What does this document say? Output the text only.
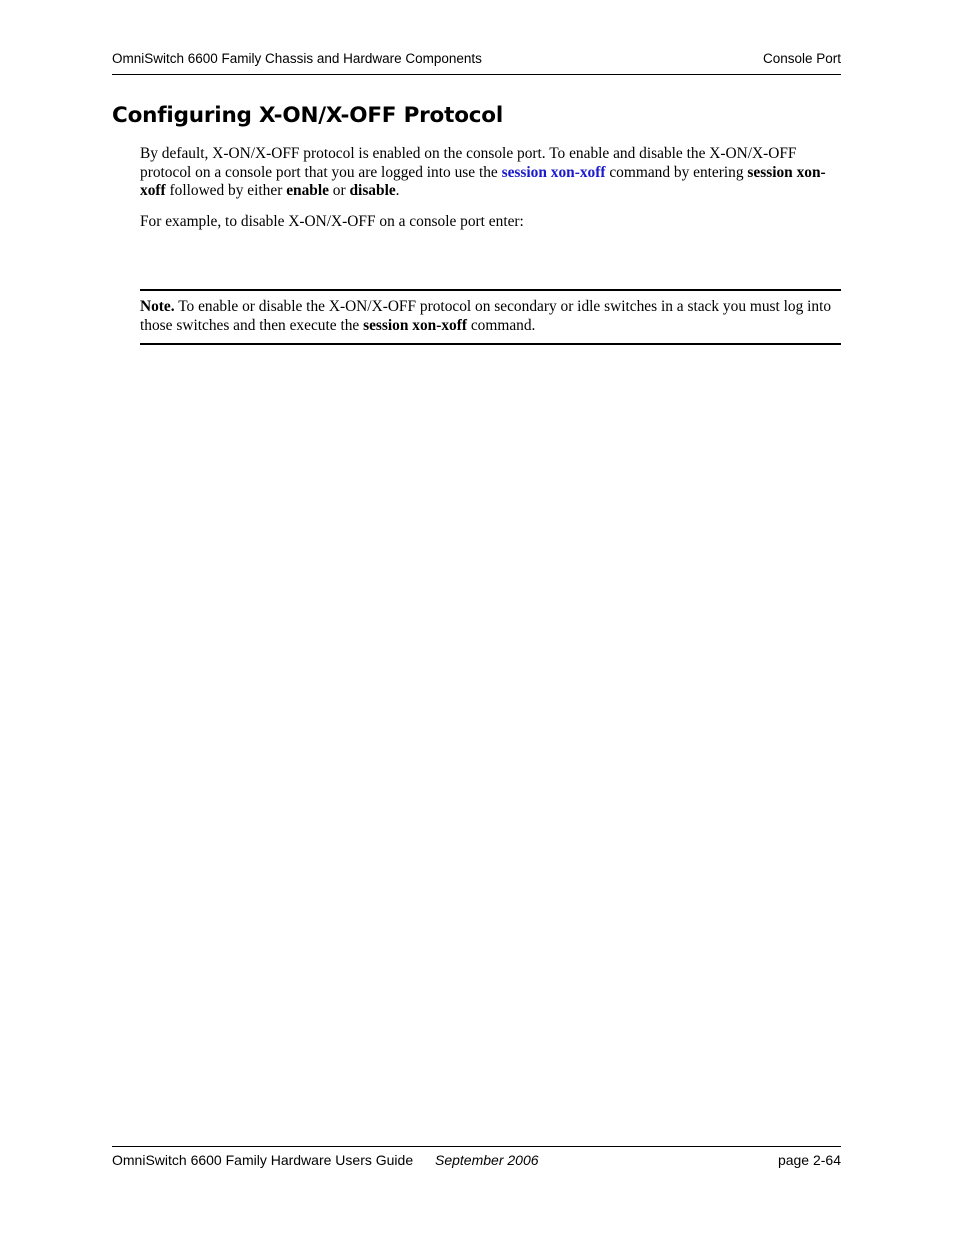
OmniSwitch 6600 Family Chassis and Hardware Components	Console Port
Configuring X-ON/X-OFF Protocol

By default, X-ON/X-OFF protocol is enabled on the console port. To enable and disable the X-ON/X-OFF protocol on a console port that you are logged into use the session xon-xoff command by entering session xon-xoff followed by either enable or disable.

For example, to disable X-ON/X-OFF on a console port enter:

Note. To enable or disable the X-ON/X-OFF protocol on secondary or idle switches in a stack you must log into those switches and then execute the session xon-xoff command.
OmniSwitch 6600 Family Hardware Users Guide September 2006	page 2-64
